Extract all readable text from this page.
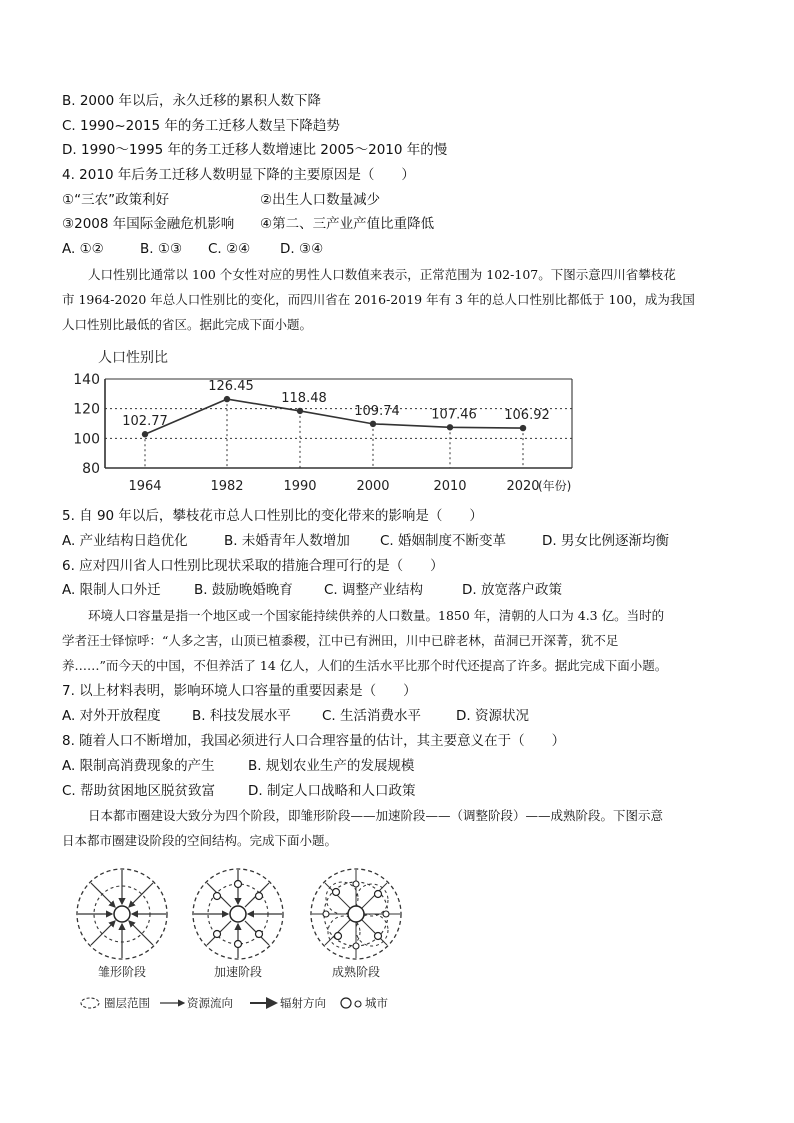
B. 2000 年以后，永久迁移的累积人数下降
C. 1990~2015 年的务工迁移人数呈下降趋势
D. 1990～1995 年的务工迁移人数增速比 2005～2010 年的慢
4. 2010 年后务工迁移人数明显下降的主要原因是（　　）
①“三农”政策利好	②出生人口数量减少
③2008 年国际金融危机影响 ④第二、三产业产值比重降低
A. ①②	B. ①③ C. ②④ D. ③④
人口性别比通常以 100 个女性对应的男性人口数值来表示，正常范围为 102-107。下图示意四川省攀枝花
市 1964-2020 年总人口性别比的变化，而四川省在 2016-2019 年有 3 年的总人口性别比都低于 100，成为我国
人口性别比最低的省区。据此完成下面小题。
人口性别比
140
120
100
80
1964	1982	1990	2000	2010	2020
102.77
126.45
118.48
109.74 107.46 106.92
(年份)
5. 自 90 年以后，攀枝花市总人口性别比的变化带来的影响是（　　）
A. 产业结构日趋优化	B. 未婚青年人数增加 C. 婚姻制度不断变革	D. 男女比例逐渐均衡
6. 应对四川省人口性别比现状采取的措施合理可行的是（　　）
A. 限制人口外迁 B. 鼓励晚婚晚育 C. 调整产业结构	D. 放宽落户政策
环境人口容量是指一个地区或一个国家能持续供养的人口数量。1850 年，清朝的人口为 4.3 亿。当时的
学者汪士铎惊呼：“人多之害，山顶已植黍稷，江中已有洲田，川中已辟老林，苗洞已开深菁，犹不足
养……”而今天的中国，不但养活了 14 亿人，人们的生活水平比那个时代还提高了许多。据此完成下面小题。
7. 以上材料表明，影响环境人口容量的重要因素是（　　）
A. 对外开放程度 B. 科技发展水平 C. 生活消费水平	D. 资源状况
8. 随着人口不断增加，我国必须进行人口合理容量的估计，其主要意义在于（　　）
A. 限制高消费现象的产生 B. 规划农业生产的发展规模
C. 帮助贫困地区脱贫致富 D. 制定人口战略和人口政策
日本都市圈建设大致分为四个阶段，即雏形阶段——加速阶段——（调整阶段）——成熟阶段。下图示意
日本都市圈建设阶段的空间结构。完成下面小题。
雏形阶段	加速阶段	成熟阶段
圈层范围	资源流向	辐射方向	城市
